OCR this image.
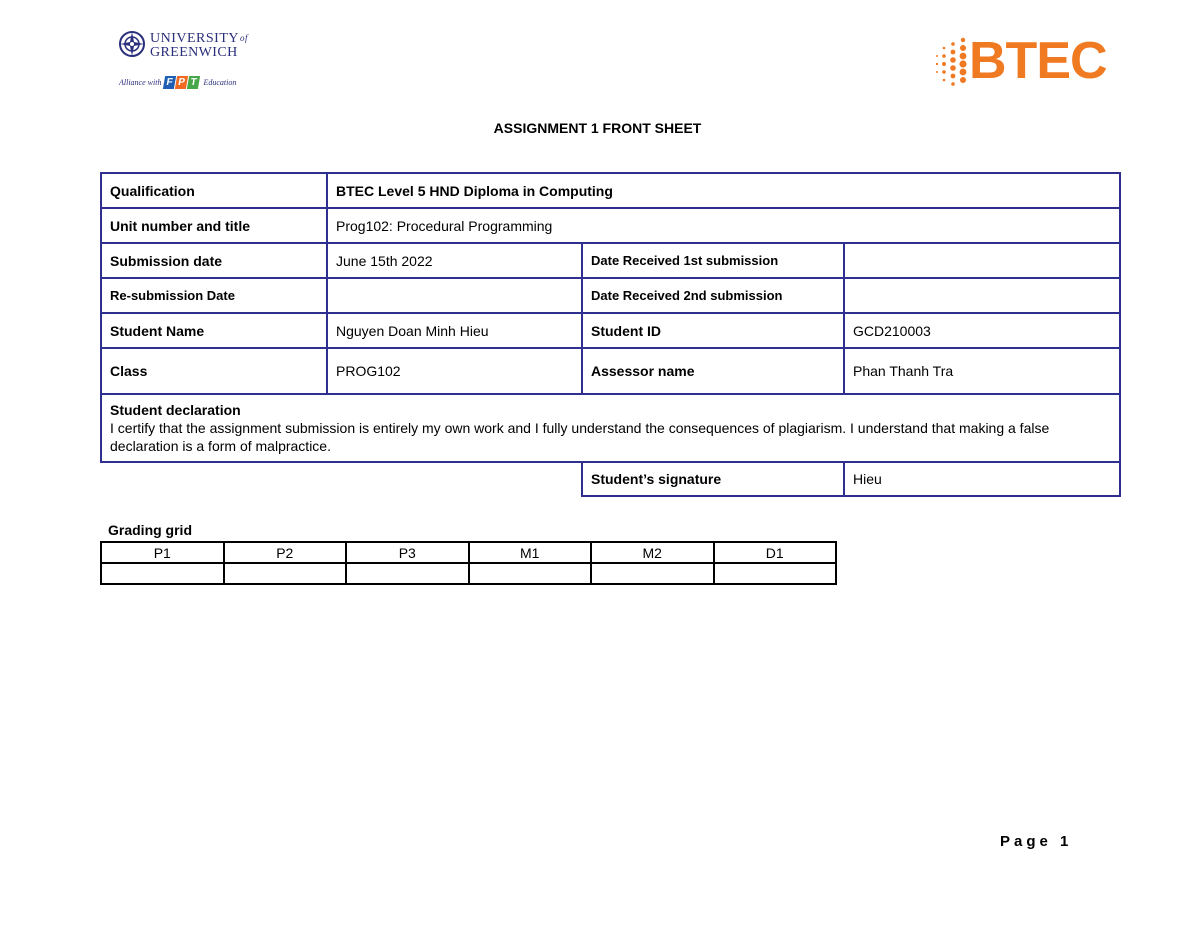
UNIVERSITYof
GREENWICH
Alliance with F P T Education	BTEC
ASSIGNMENT 1 FRONT SHEET
Qualification	BTEC Level 5 HND Diploma in Computing		
Unit number and title	Prog102: Procedural Programming		
Submission date	June 15th 2022	Date Received 1st submission	
Re-submission Date		Date Received 2nd submission	
Student Name	Nguyen Doan Minh Hieu	Student ID	GCD210003
Class	PROG102	Assessor name	Phan Thanh Tra

Student declaration
I certify that the assignment submission is entirely my own work and I fully understand the consequences of plagiarism. I understand that making a false declaration is a form of malpractice.			

		Student’s signature	Hieu
Grading grid
P1	P2	P3	M1	M2	D1

Page 1
